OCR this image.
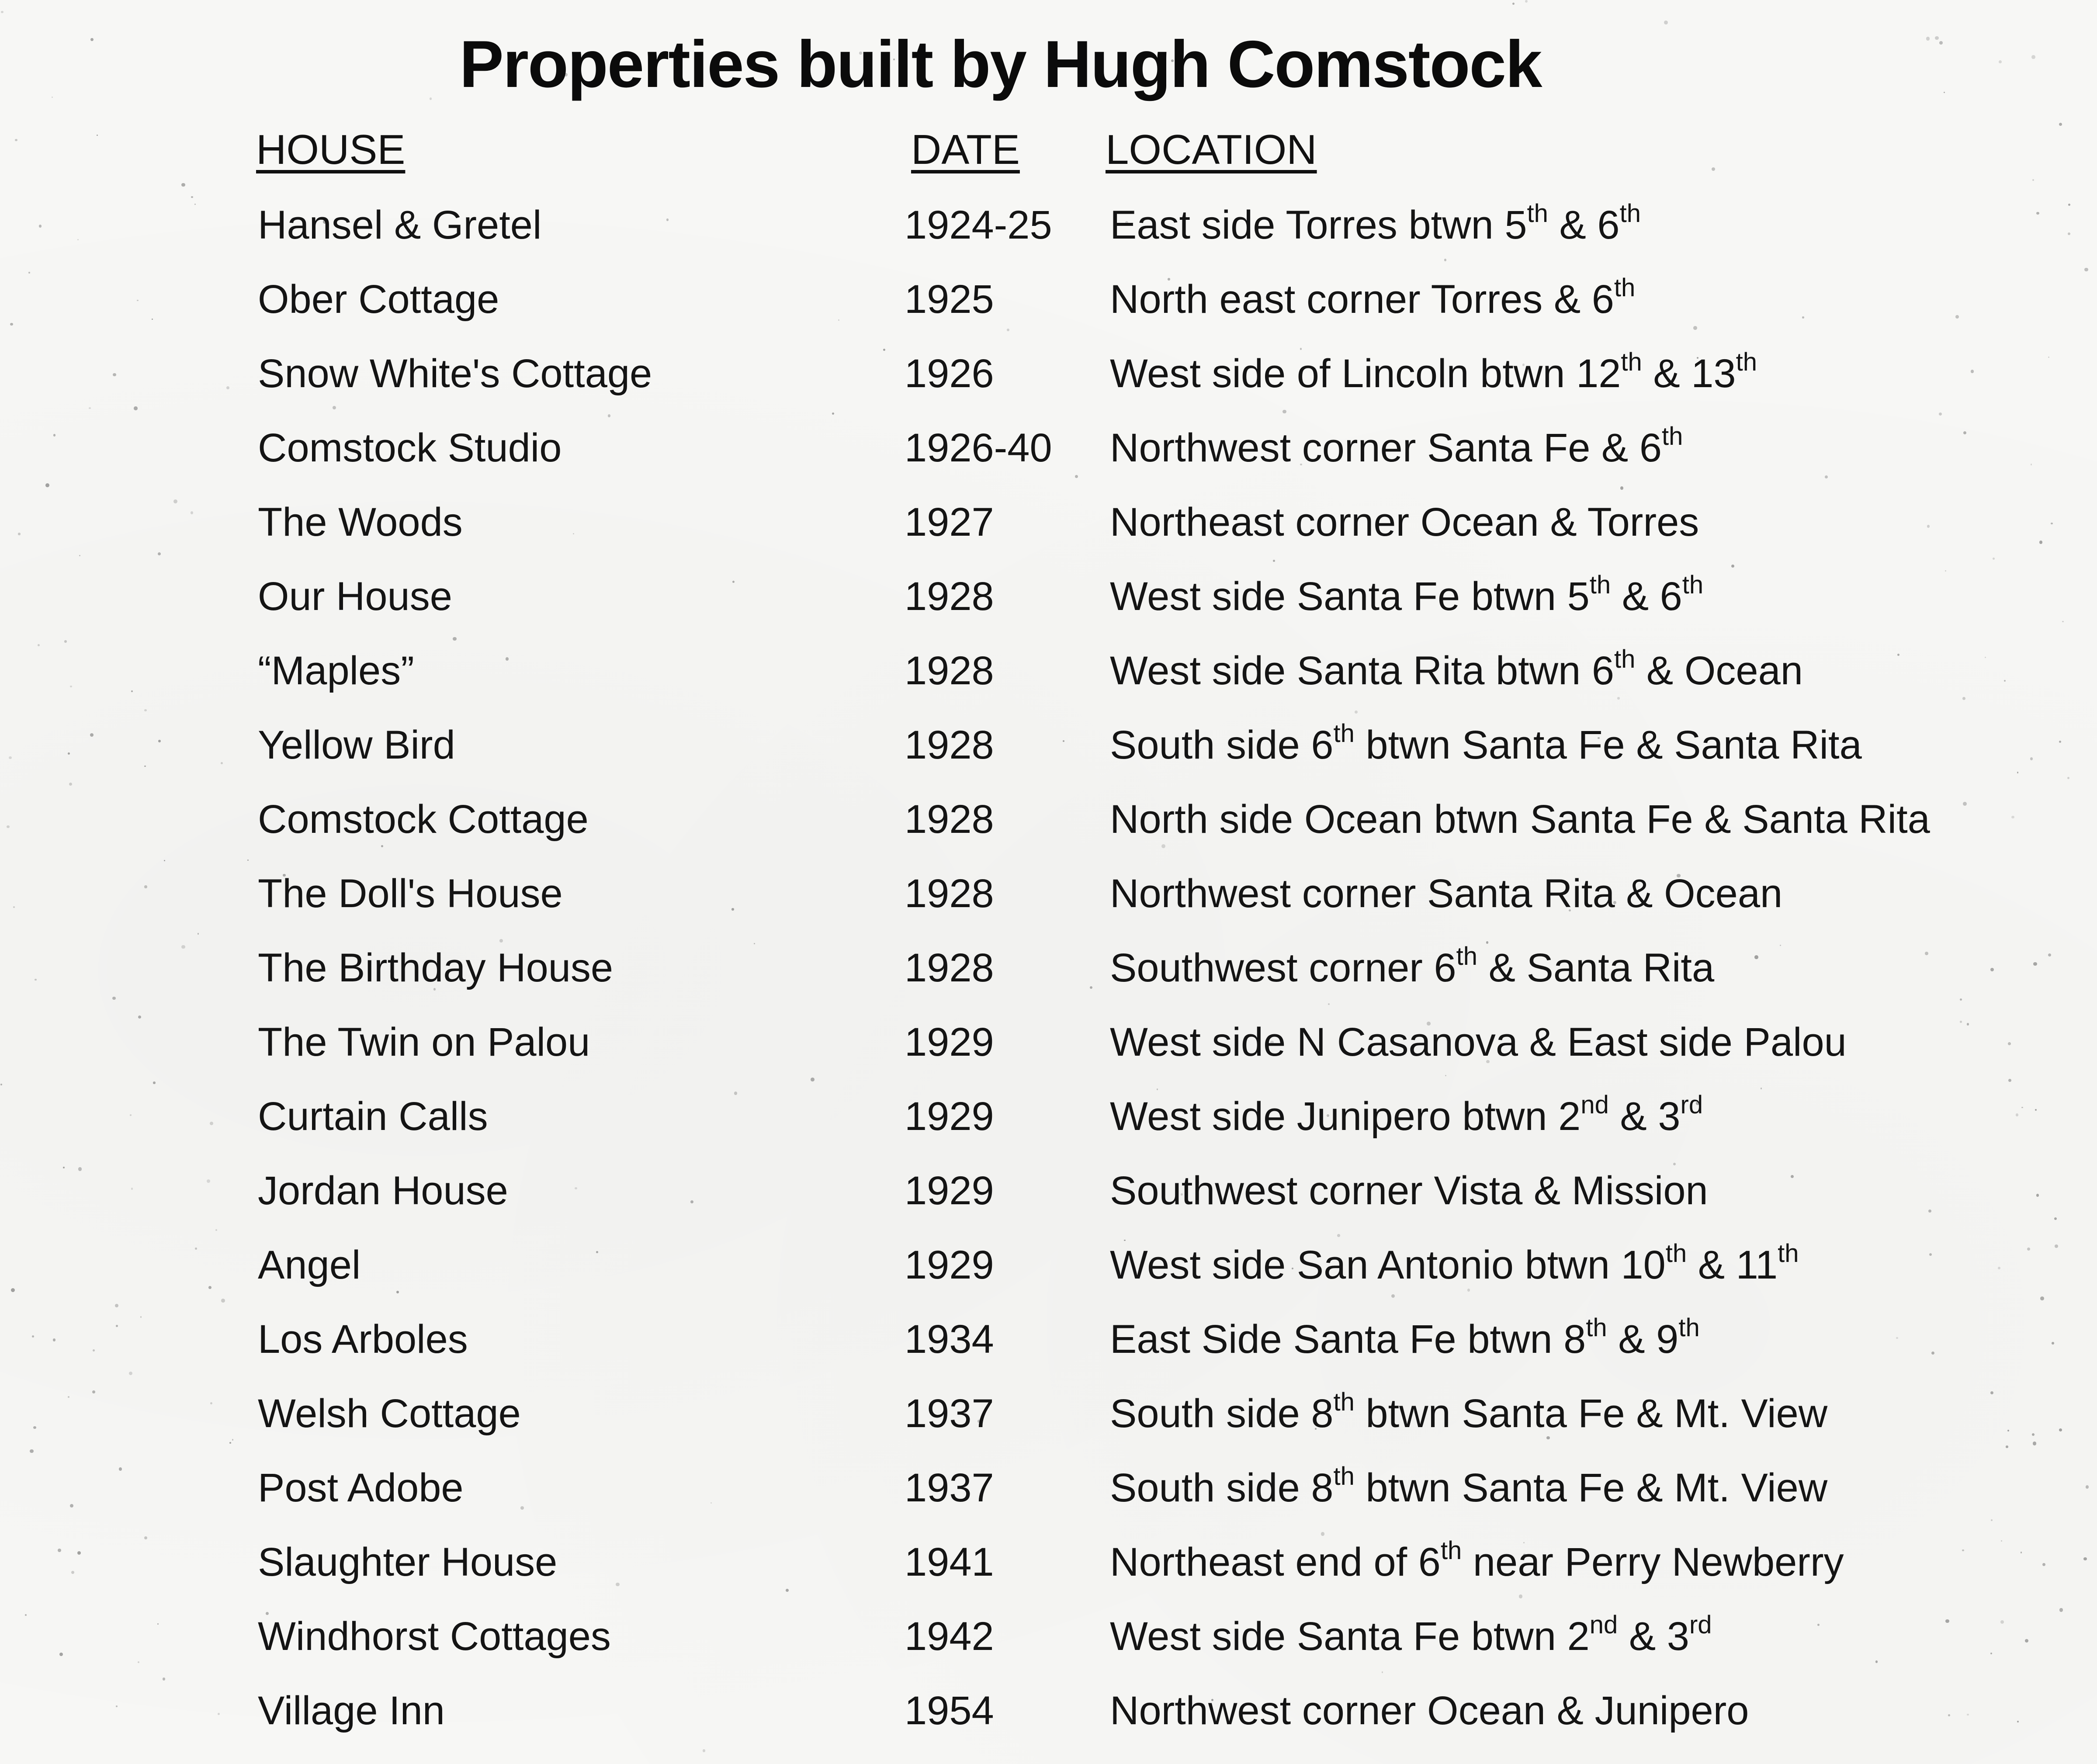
Properties built by Hugh Comstock
HOUSE	DATE LOCATION
Hansel & Gretel	1924-25 East side Torres btwn 5th & 6th
Ober Cottage	1925	North east corner Torres & 6th
Snow White's Cottage	1926	West side of Lincoln btwn 12th & 13th
Comstock Studio	1926-40 Northwest corner Santa Fe & 6th
The Woods	1927	Northeast corner Ocean & Torres
Our House	1928	West side Santa Fe btwn 5th & 6th
“Maples”	1928	West side Santa Rita btwn 6th & Ocean
Yellow Bird	1928	South side 6th btwn Santa Fe & Santa Rita
Comstock Cottage	1928	North side Ocean btwn Santa Fe & Santa Rita
The Doll's House	1928	Northwest corner Santa Rita & Ocean
The Birthday House	1928	Southwest corner 6th & Santa Rita
The Twin on Palou	1929	West side N Casanova & East side Palou
Curtain Calls	1929	West side Junipero btwn 2nd & 3rd
Jordan House	1929	Southwest corner Vista & Mission
Angel	1929	West side San Antonio btwn 10th & 11th
Los Arboles	1934	East Side Santa Fe btwn 8th & 9th
Welsh Cottage	1937	South side 8th btwn Santa Fe & Mt. View
Post Adobe	1937	South side 8th btwn Santa Fe & Mt. View
Slaughter House	1941	Northeast end of 6th near Perry Newberry
Windhorst Cottages	1942	West side Santa Fe btwn 2nd & 3rd
Village Inn	1954	Northwest corner Ocean & Junipero
